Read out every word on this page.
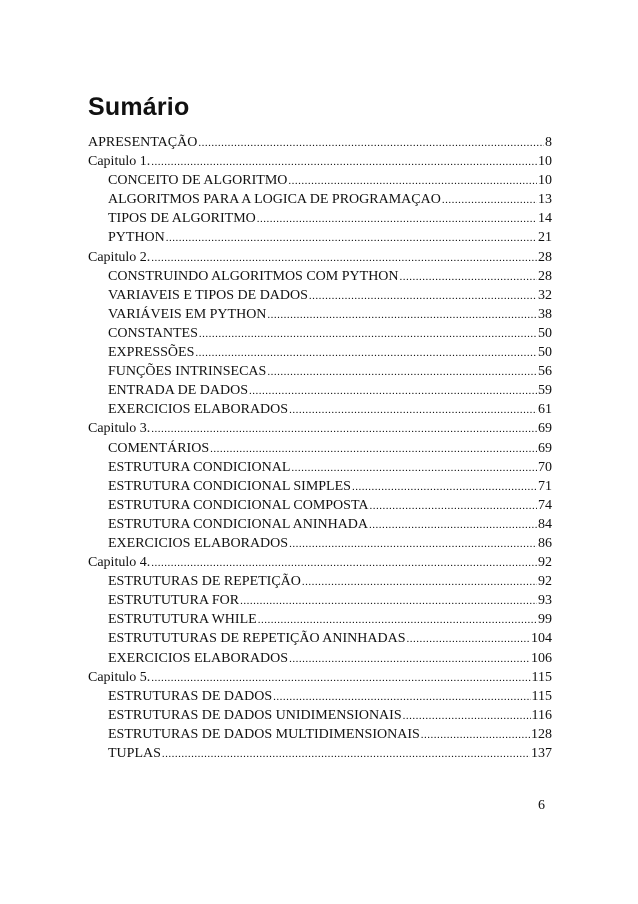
Sumário
APRESENTAÇÃO .....	8
Capitulo 1. .....	10
CONCEITO DE ALGORITMO .....	10
ALGORITMOS PARA A LOGICA DE PROGRAMAÇAO .....	13
TIPOS DE ALGORITMO .....	14
PYTHON .....	21
Capitulo 2. .....	28
CONSTRUINDO ALGORITMOS COM PYTHON .....	28
VARIAVEIS E TIPOS DE DADOS .....	32
VARIÁVEIS EM PYTHON .....	38
CONSTANTES .....	50
EXPRESSÕES .....	50
FUNÇÕES INTRINSECAS .....	56
ENTRADA DE DADOS .....	59
EXERCICIOS ELABORADOS .....	61
Capitulo 3. .....	69
COMENTÁRIOS .....	69
ESTRUTURA CONDICIONAL .....	70
ESTRUTURA CONDICIONAL SIMPLES .....	71
ESTRUTURA CONDICIONAL COMPOSTA .....	74
ESTRUTURA CONDICIONAL ANINHADA .....	84
EXERCICIOS ELABORADOS .....	86
Capitulo 4. .....	92
ESTRUTURAS DE REPETIÇÃO .....	92
ESTRUTUTURA FOR .....	93
ESTRUTUTURA WHILE .....	99
ESTRUTUTURAS DE REPETIÇÃO ANINHADAS .....	104
EXERCICIOS ELABORADOS .....	106
Capitulo 5. .....	115
ESTRUTURAS DE DADOS .....	115
ESTRUTURAS DE DADOS UNIDIMENSIONAIS .....	116
ESTRUTURAS DE DADOS MULTIDIMENSIONAIS .....	128
TUPLAS .....	137
6
